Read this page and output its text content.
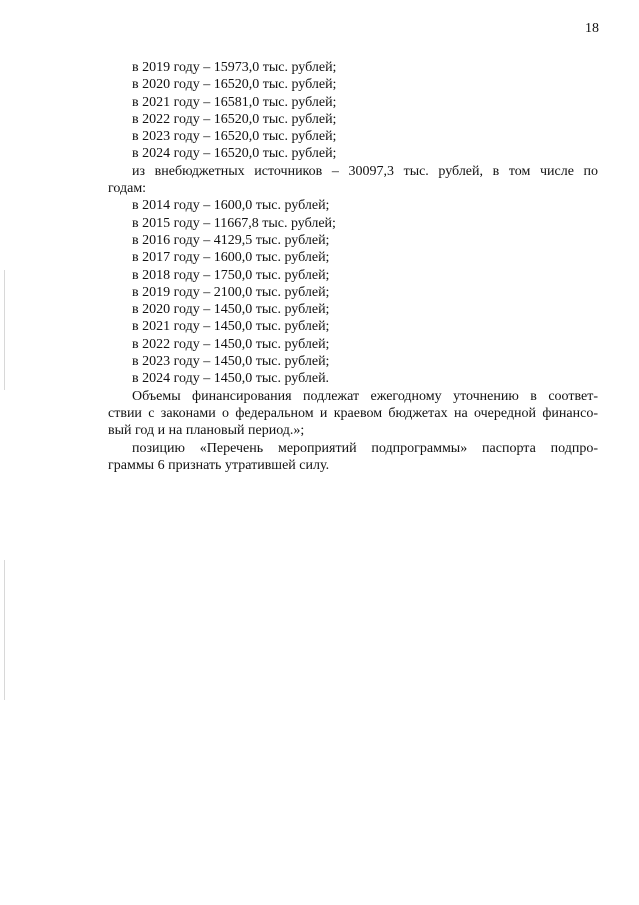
18
в 2019 году – 15973,0 тыс. рублей;
в 2020 году – 16520,0 тыс. рублей;
в 2021 году – 16581,0 тыс. рублей;
в 2022 году – 16520,0 тыс. рублей;
в 2023 году – 16520,0 тыс. рублей;
в 2024 году – 16520,0 тыс. рублей;
из внебюджетных источников – 30097,3 тыс. рублей, в том числе по
годам:
в 2014 году – 1600,0 тыс. рублей;
в 2015 году – 11667,8 тыс. рублей;
в 2016 году – 4129,5 тыс. рублей;
в 2017 году – 1600,0 тыс. рублей;
в 2018 году – 1750,0 тыс. рублей;
в 2019 году – 2100,0 тыс. рублей;
в 2020 году – 1450,0 тыс. рублей;
в 2021 году – 1450,0 тыс. рублей;
в 2022 году – 1450,0 тыс. рублей;
в 2023 году – 1450,0 тыс. рублей;
в 2024 году – 1450,0 тыс. рублей.
Объемы финансирования подлежат ежегодному уточнению в соответ-
ствии с законами о федеральном и краевом бюджетах на очередной финансо-
вый год и на плановый период.»;
позицию «Перечень мероприятий подпрограммы» паспорта подпро-
граммы 6 признать утратившей силу.
